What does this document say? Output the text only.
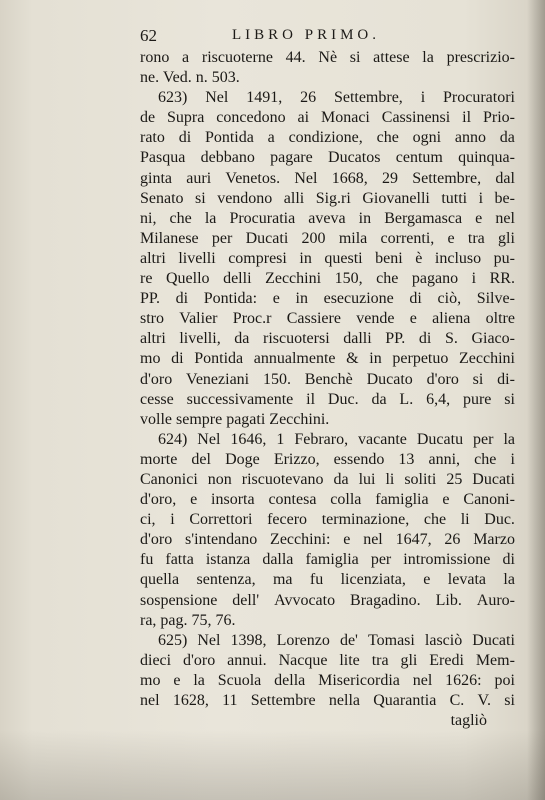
62	LIBRO PRIMO.
rono a riscuoterne 44. Nè si attese la prescrizio-
ne. Ved. n. 503.
623) Nel 1491, 26 Settembre, i Procuratori
de Supra concedono ai Monaci Cassinensi il Prio-
rato di Pontida a condizione, che ogni anno da
Pasqua debbano pagare Ducatos centum quinqua-
ginta auri Venetos. Nel 1668, 29 Settembre, dal
Senato si vendono alli Sig.ri Giovanelli tutti i be-
ni, che la Procuratia aveva in Bergamasca e nel
Milanese per Ducati 200 mila correnti, e tra gli
altri livelli compresi in questi beni è incluso pu-
re Quello delli Zecchini 150, che pagano i RR.
PP. di Pontida: e in esecuzione di ciò, Silve-
stro Valier Proc.r Cassiere vende e aliena oltre
altri livelli, da riscuotersi dalli PP. di S. Giaco-
mo di Pontida annualmente & in perpetuo Zecchini
d'oro Veneziani 150. Benchè Ducato d'oro si di-
cesse successivamente il Duc. da L. 6,4, pure si
volle sempre pagati Zecchini.
624) Nel 1646, 1 Febraro, vacante Ducatu per la
morte del Doge Erizzo, essendo 13 anni, che i
Canonici non riscuotevano da lui li soliti 25 Ducati
d'oro, e insorta contesa colla famiglia e Canoni-
ci, i Correttori fecero terminazione, che li Duc.
d'oro s'intendano Zecchini: e nel 1647, 26 Marzo
fu fatta istanza dalla famiglia per intromissione di
quella sentenza, ma fu licenziata, e levata la
sospensione dell' Avvocato Bragadino. Lib. Auro-
ra, pag. 75, 76.
625) Nel 1398, Lorenzo de' Tomasi lasciò Ducati
dieci d'oro annui. Nacque lite tra gli Eredi Mem-
mo e la Scuola della Misericordia nel 1626: poi
nel 1628, 11 Settembre nella Quarantia C. V. si
tagliò
